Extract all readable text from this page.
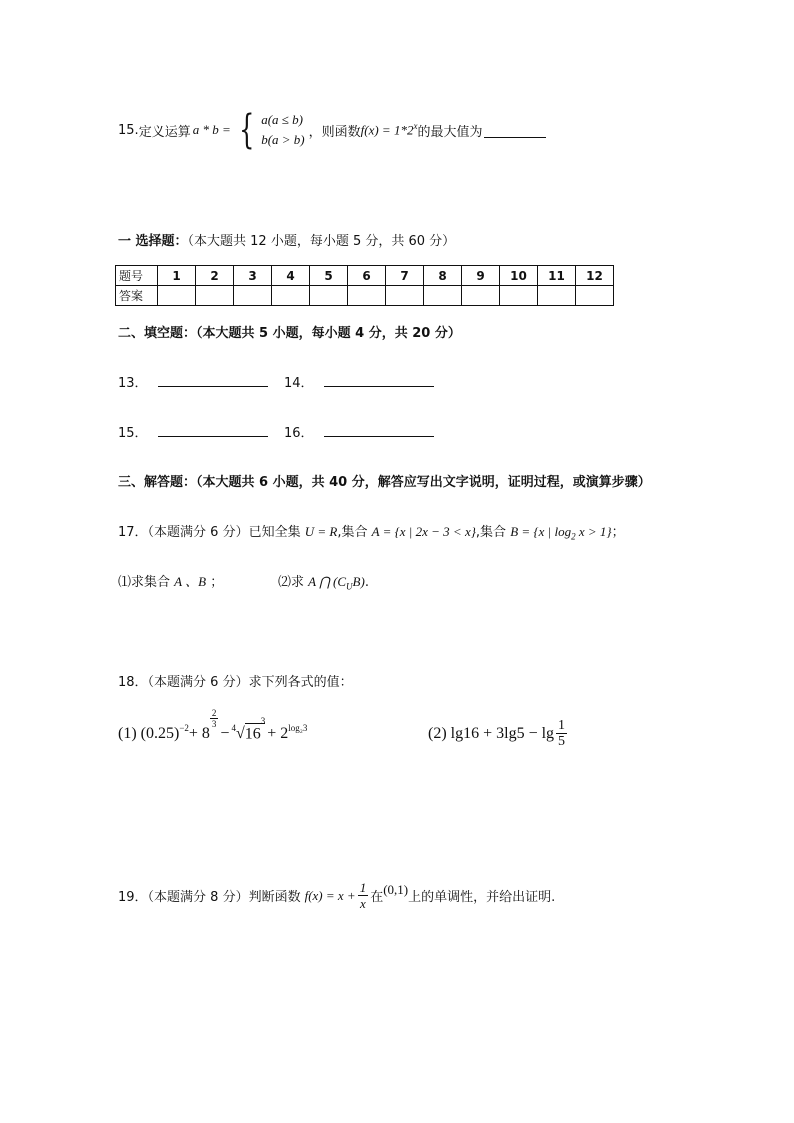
15. 定义运算 a * b = { a(a ≤ b)
b(a > b) ，则函数 $f(x) = 1*2^x$ 的最大值为
一 选择题：（本大题共 12 小题，每小题 5 分，共 60 分）
题号	1	2	3	4	5	6	7	8	9	10	11	12
答案												
二、填空题：（本大题共 5 小题，每小题 4 分，共 20 分）
13．	14．
15．	16．
三、解答题：（本大题共 6 小题，共 40 分，解答应写出文字说明，证明过程，或演算步骤）
17．（本题满分 6 分）已知全集 U = R,集合 A = {x | 2x − 3 < x},集合 B = {x | $\log_2 x > 1$}；
⑴求集合 A 、B ；	⑵求 A ⋂ $(C_UB)$.
18．（本题满分 6 分）求下列各式的值：
(1) $(0.25)^{-2} + 8$
$\frac{2}{3}$
−$^4$ √ $16^3$
+ $2^{log_23}$	(2) $\lg 16 + 3\lg 5 - \lg \frac{1}{5}$
19．（本题满分 8 分）判断函数 $f(x) = x + \frac{1}{x}$ 在
(0,1)
上的单调性，并给出证明.
